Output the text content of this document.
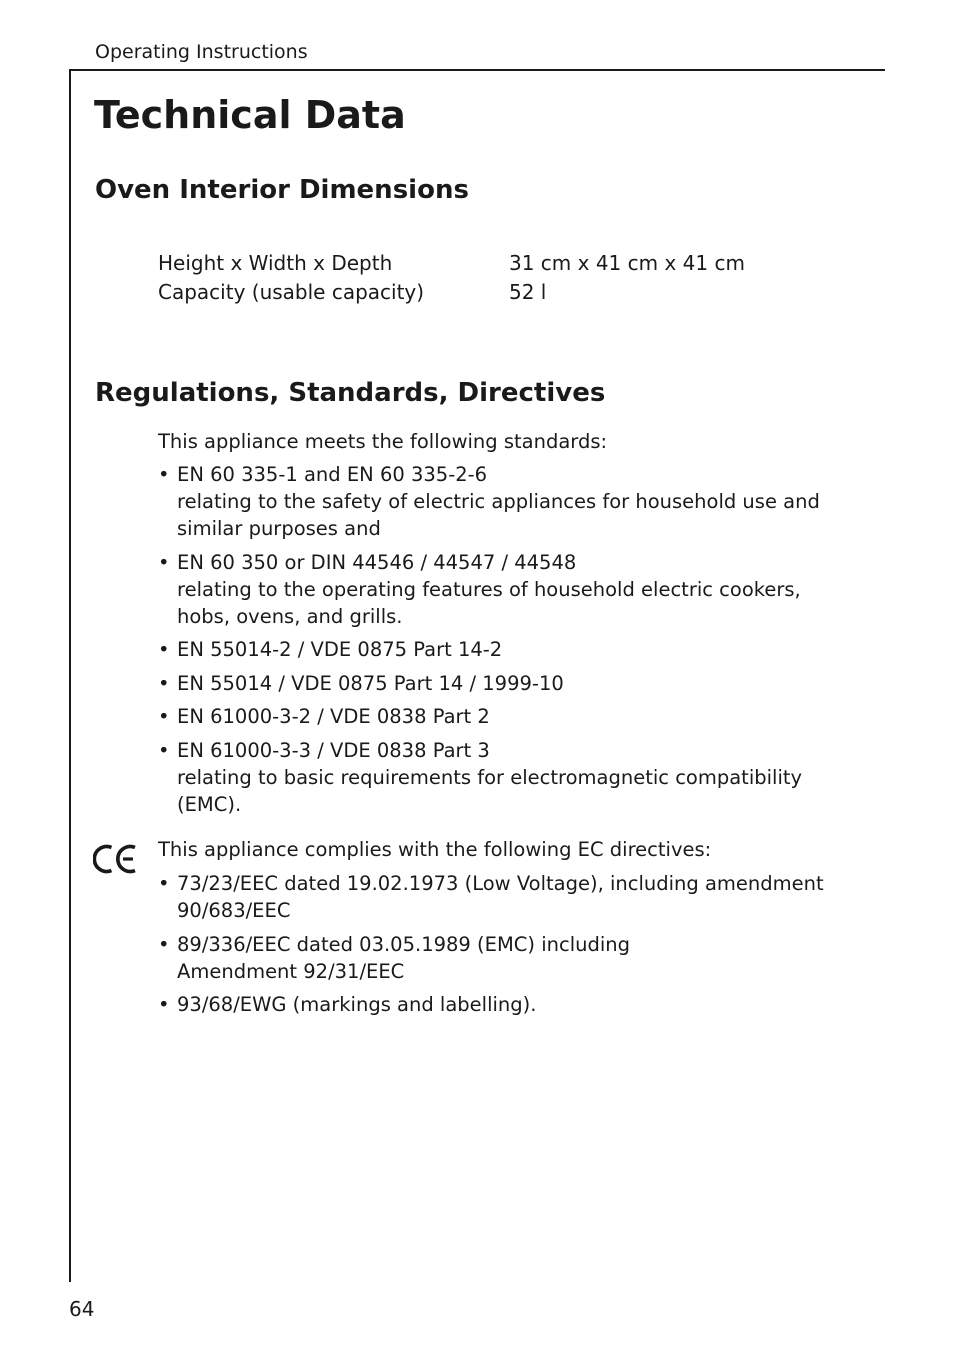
Operating Instructions
Technical Data
Oven Interior Dimensions
Height x Width x Depth	31 cm x 41 cm x 41 cm
Capacity (usable capacity)	52 l
Regulations, Standards, Directives
This appliance meets the following standards:
• EN 60 335-1 and EN 60 335-2-6
relating to the safety of electric appliances for household use and
similar purposes and
• EN 60 350 or DIN 44546 / 44547 / 44548
relating to the operating features of household electric cookers,
hobs, ovens, and grills.
• EN 55014-2 / VDE 0875 Part 14-2
• EN 55014 / VDE 0875 Part 14 / 1999-10
• EN 61000-3-2 / VDE 0838 Part 2
• EN 61000-3-3 / VDE 0838 Part 3
relating to basic requirements for electromagnetic compatibility
(EMC).
This appliance complies with the following EC directives:
• 73/23/EEC dated 19.02.1973 (Low Voltage), including amendment
90/683/EEC
• 89/336/EEC dated 03.05.1989 (EMC) including
Amendment 92/31/EEC
• 93/68/EWG (markings and labelling).
64
